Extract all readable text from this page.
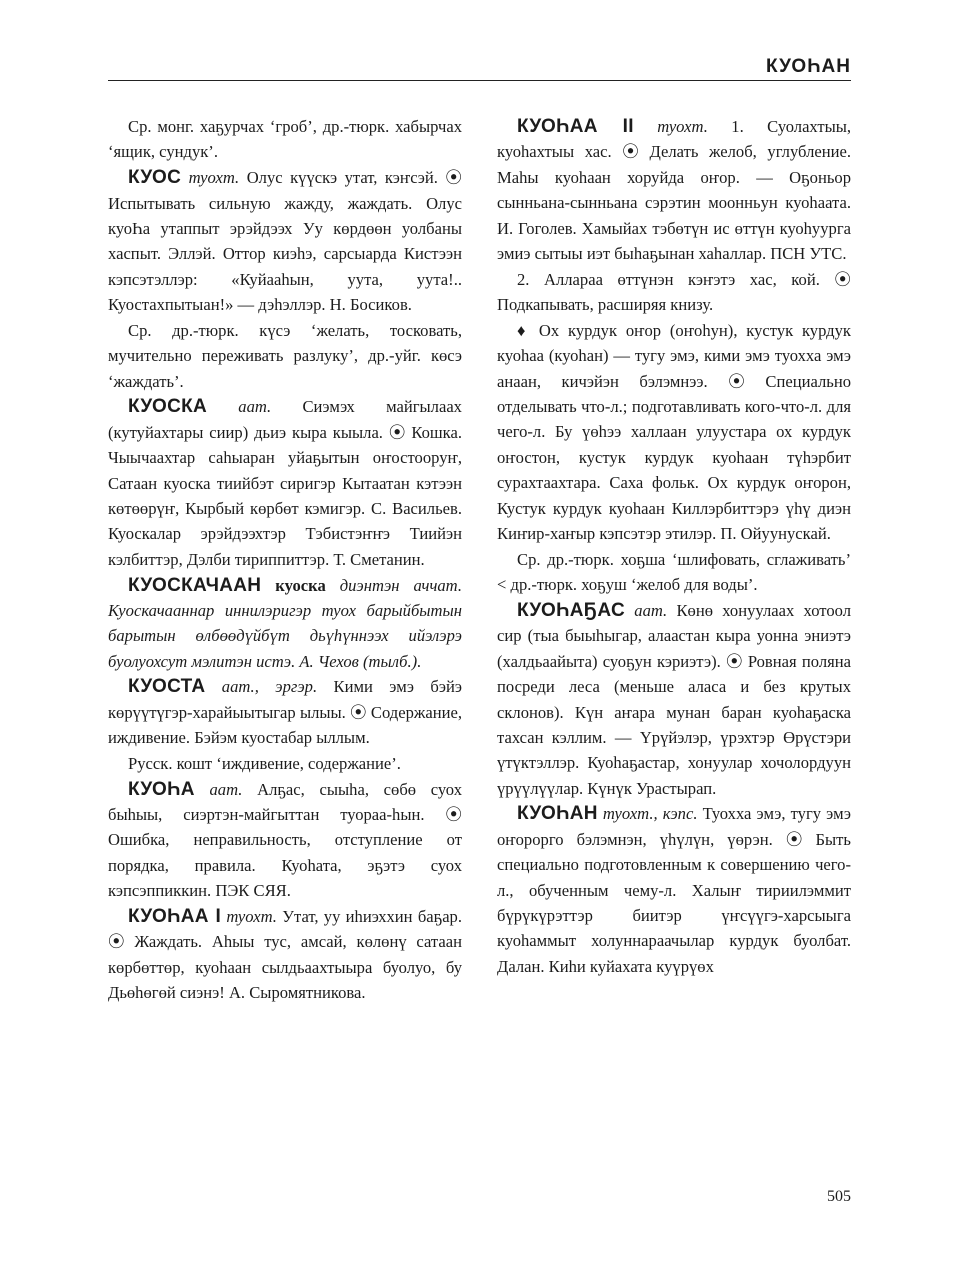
КУОҺАН

Ср. монг. хаҕурчах ‘гроб’, др.-тюрк. хабырчах ‘ящик, сундук’.

КУОС туохт. Олус күүскэ утат, кэҥсэй. ⦿ Испытывать сильную жажду, жаждать. Олус куоҺа утаппыт эрэйдээх Уу көрдөөн уолбаны хаспыт. Эллэй. Оттор киэһэ, сарсыарда Кистээн кэпсэтэллэр: «Куйааһын, уута, уута!.. Куостахпытыан!» — дэһэллэр. Н. Босиков.

Ср. др.-тюрк. күсэ ‘желать, тосковать, мучительно переживать разлуку’, др.-уйг. көсэ ‘жаждать’.

КУОСКА аат. Сиэмэх майгылаах (кутуйахтары сиир) дьиэ кыра кыыла. ⦿ Кошка. Чыычаахтар саһыаран уйаҕытын оҥостооруҥ, Сатаан куоска тиийбэт сиригэр Кытаатан кэтээн көтөөрүҥ, Кырбый көрбөт кэмигэр. С. Васильев. Куоскалар эрэйдээхтэр Тэбистэҥҥэ Тиийэн кэлбиттэр, Дэлби тириппиттэр. Т. Сметанин.

КУОСКАЧААН куоска диэнтэн аччат. Куоскачааннар иннилэригэр туох барыйбытын барытын өлбөөдүйбүт дьүһүннээх ийэлэрэ буолуохсут мэлитэн истэ. А. Чехов (тылб.).

КУОСТА аат., эргэр. Кими эмэ бэйэ көрүүтүгэр-харайыытыгар ылыы. ⦿ Содержание, иждивение. Бэйэм куостабар ыллым.

Русск. кошт ‘иждивение, содержание’.

КУОҺА аат. Алҕас, сыыһа, сөбө суох быһыы, сиэртэн-майгыттан туораа-һын. ⦿ Ошибка, неправильность, отступление от порядка, правила. Куоһата, эҕэтэ суох кэпсэппиккин. ПЭК СЯЯ.

КУОҺАА I туохт. Утат, уу иһиэххин баҕар. ⦿ Жаждать. Аһыы тус, амсай, көлөнү сатаан көрбөттөр, куоһаан сылдьаахтыыра буолуо, бу Дьөһөгөй сиэнэ! А. Сыромятникова.

КУОҺАА II туохт. 1. Суолахтыы, куоһахтыы хас. ⦿ Делать желоб, углубление. Маһы куоһаан хоруйда оҥор. — Оҕоньор сынньана-сынньана сэрэтин моонньун куоһаата. И. Гоголев. Хамыйах тэбөтүн ис өттүн куоһуурга эмиэ сытыы иэт быһаҕынан хаһаллар. ПСН УТС.

2. Алларaa өттүнэн кэҥэтэ хас, кой. ⦿ Подкапывать, расширяя книзу.

♦ Ох курдук оҥор (оҥоһун), кустук курдук куоһаа (куоһан) — тугу эмэ, кими эмэ туохха эмэ анаан, кичэйэн бэлэмнээ. ⦿ Специально отделывать что-л.; подготавливать кого-что-л. для чего-л. Бу үөһээ халлаан улуустара ох курдук оҥостон, кустук курдук куоһаан түһэрбит сурахтаахтара. Саха фольк. Ох курдук оҥорон, Кустук курдук куоһаан Киллэрбиттэрэ үһү диэн Киҥир-хаҥыр кэпсэтэр этилэр. П. Ойуунускай.

Ср. др.-тюрк. хоҕша ‘шлифовать, сглаживать’ < др.-тюрк. хоҕуш ‘желоб для воды’.

КУОҺАҔАС аат. Көнө хонуулаах хотоол сир (тыа быыһыгар, алаастан кыра уонна эниэтэ (халдьаайыта) суоҕун кэриэтэ). ⦿ Ровная поляна посреди леса (меньше аласа и без крутых склонов). Күн аҥара мунан баран куоһаҕаска тахсан кэллим. — Үрүйэлэр, үрэхтэр Өрүстэри үтүктэллэр. Куоһаҕастар, хонуулар хочолордуун үрүүлүүлар. Күнүк Урастырап.

КУОҺАН туохт., кэпс. Туохха эмэ, тугу эмэ оҥорорго бэлэмнэн, үһүлүн, үөрэн. ⦿ Быть специально подготовленным к совершению чего-л., обученным чему-л. Халыҥ тириилэммит бүрүкүрэттэр биитэр үҥсүүгэ-харсыыга куоһаммыт холуннараачылар курдук буолбат. Далан. Киһи куйахата куүрүөх

505
